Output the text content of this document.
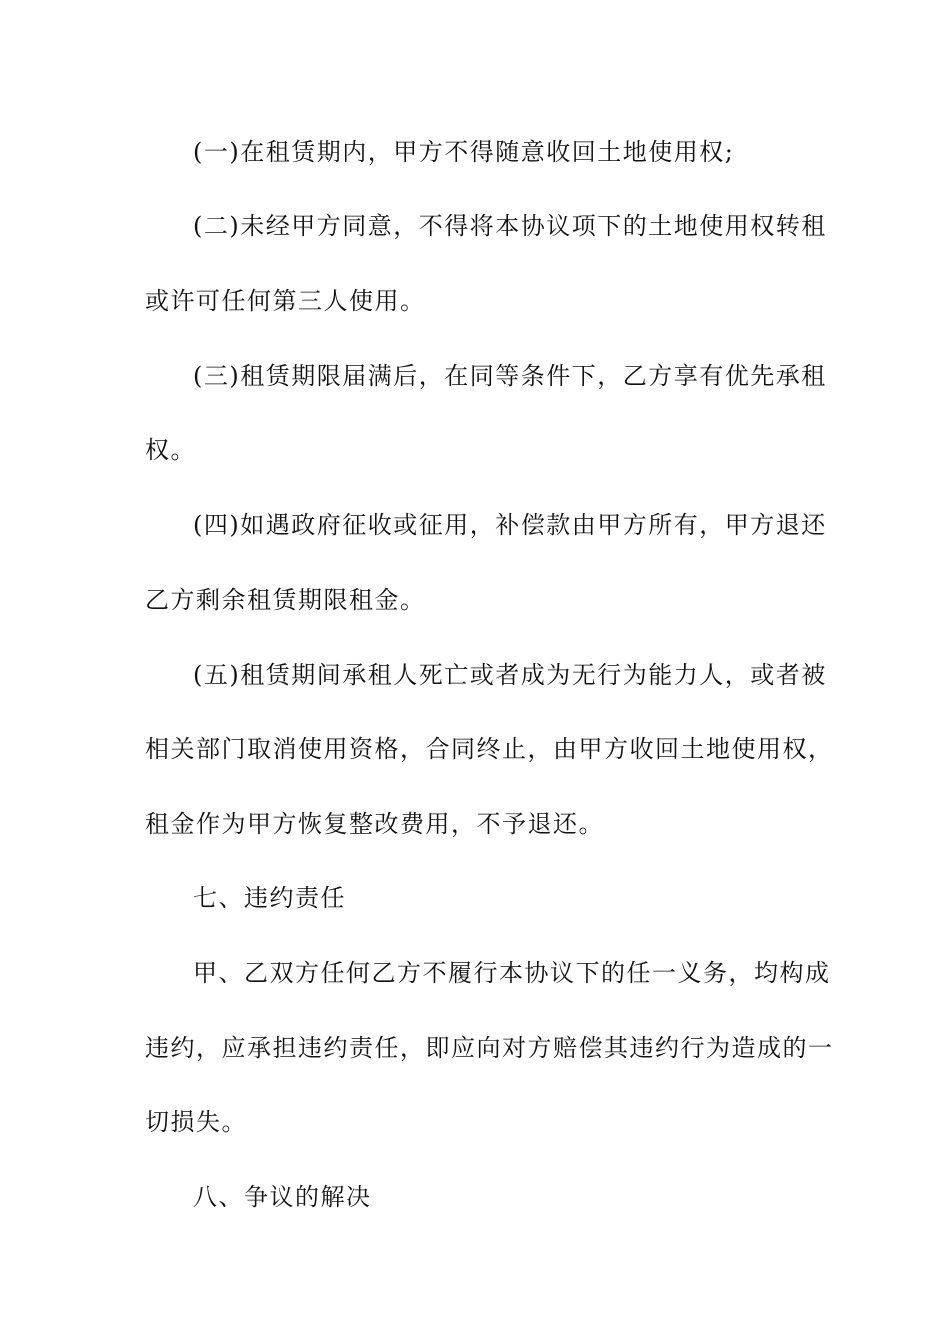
(一)在租赁期内，甲方不得随意收回土地使用权;
(二)未经甲方同意，不得将本协议项下的土地使用权转租
或许可任何第三人使用。
(三)租赁期限届满后，在同等条件下，乙方享有优先承租
权。
(四)如遇政府征收或征用，补偿款由甲方所有，甲方退还
乙方剩余租赁期限租金。
(五)租赁期间承租人死亡或者成为无行为能力人，或者被
相关部门取消使用资格，合同终止，由甲方收回土地使用权，
租金作为甲方恢复整改费用，不予退还。
七、违约责任
甲、乙双方任何乙方不履行本协议下的任一义务，均构成
违约，应承担违约责任，即应向对方赔偿其违约行为造成的一
切损失。
八、争议的解决
